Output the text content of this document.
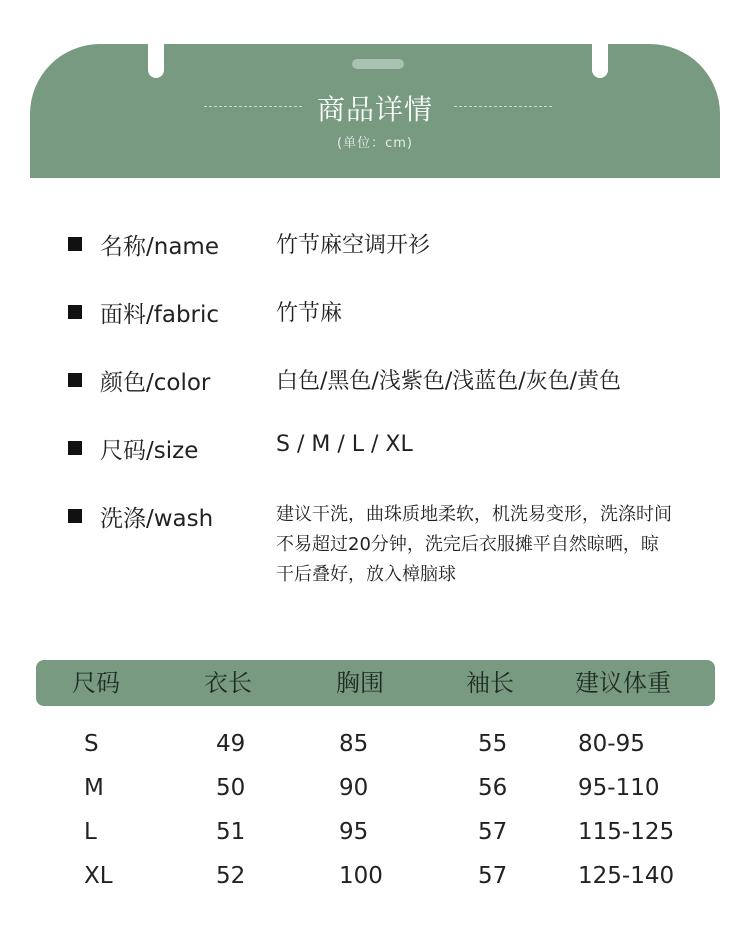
商品详情
(单位：cm)
名称/name	竹节麻空调开衫
面料/fabric	竹节麻
颜色/color	白色/黑色/浅紫色/浅蓝色/灰色/黄色
尺码/size	S / M / L / XL
洗涤/wash	建议干洗，曲珠质地柔软，机洗易变形，洗涤时间不易超过20分钟，洗完后衣服摊平自然晾晒，晾干后叠好，放入樟脑球
尺码	衣长	胸围	袖长	建议体重
S	49	85	55	80-95
M	50	90	56	95-110
L	51	95	57	115-125
XL	52	100	57	125-140
